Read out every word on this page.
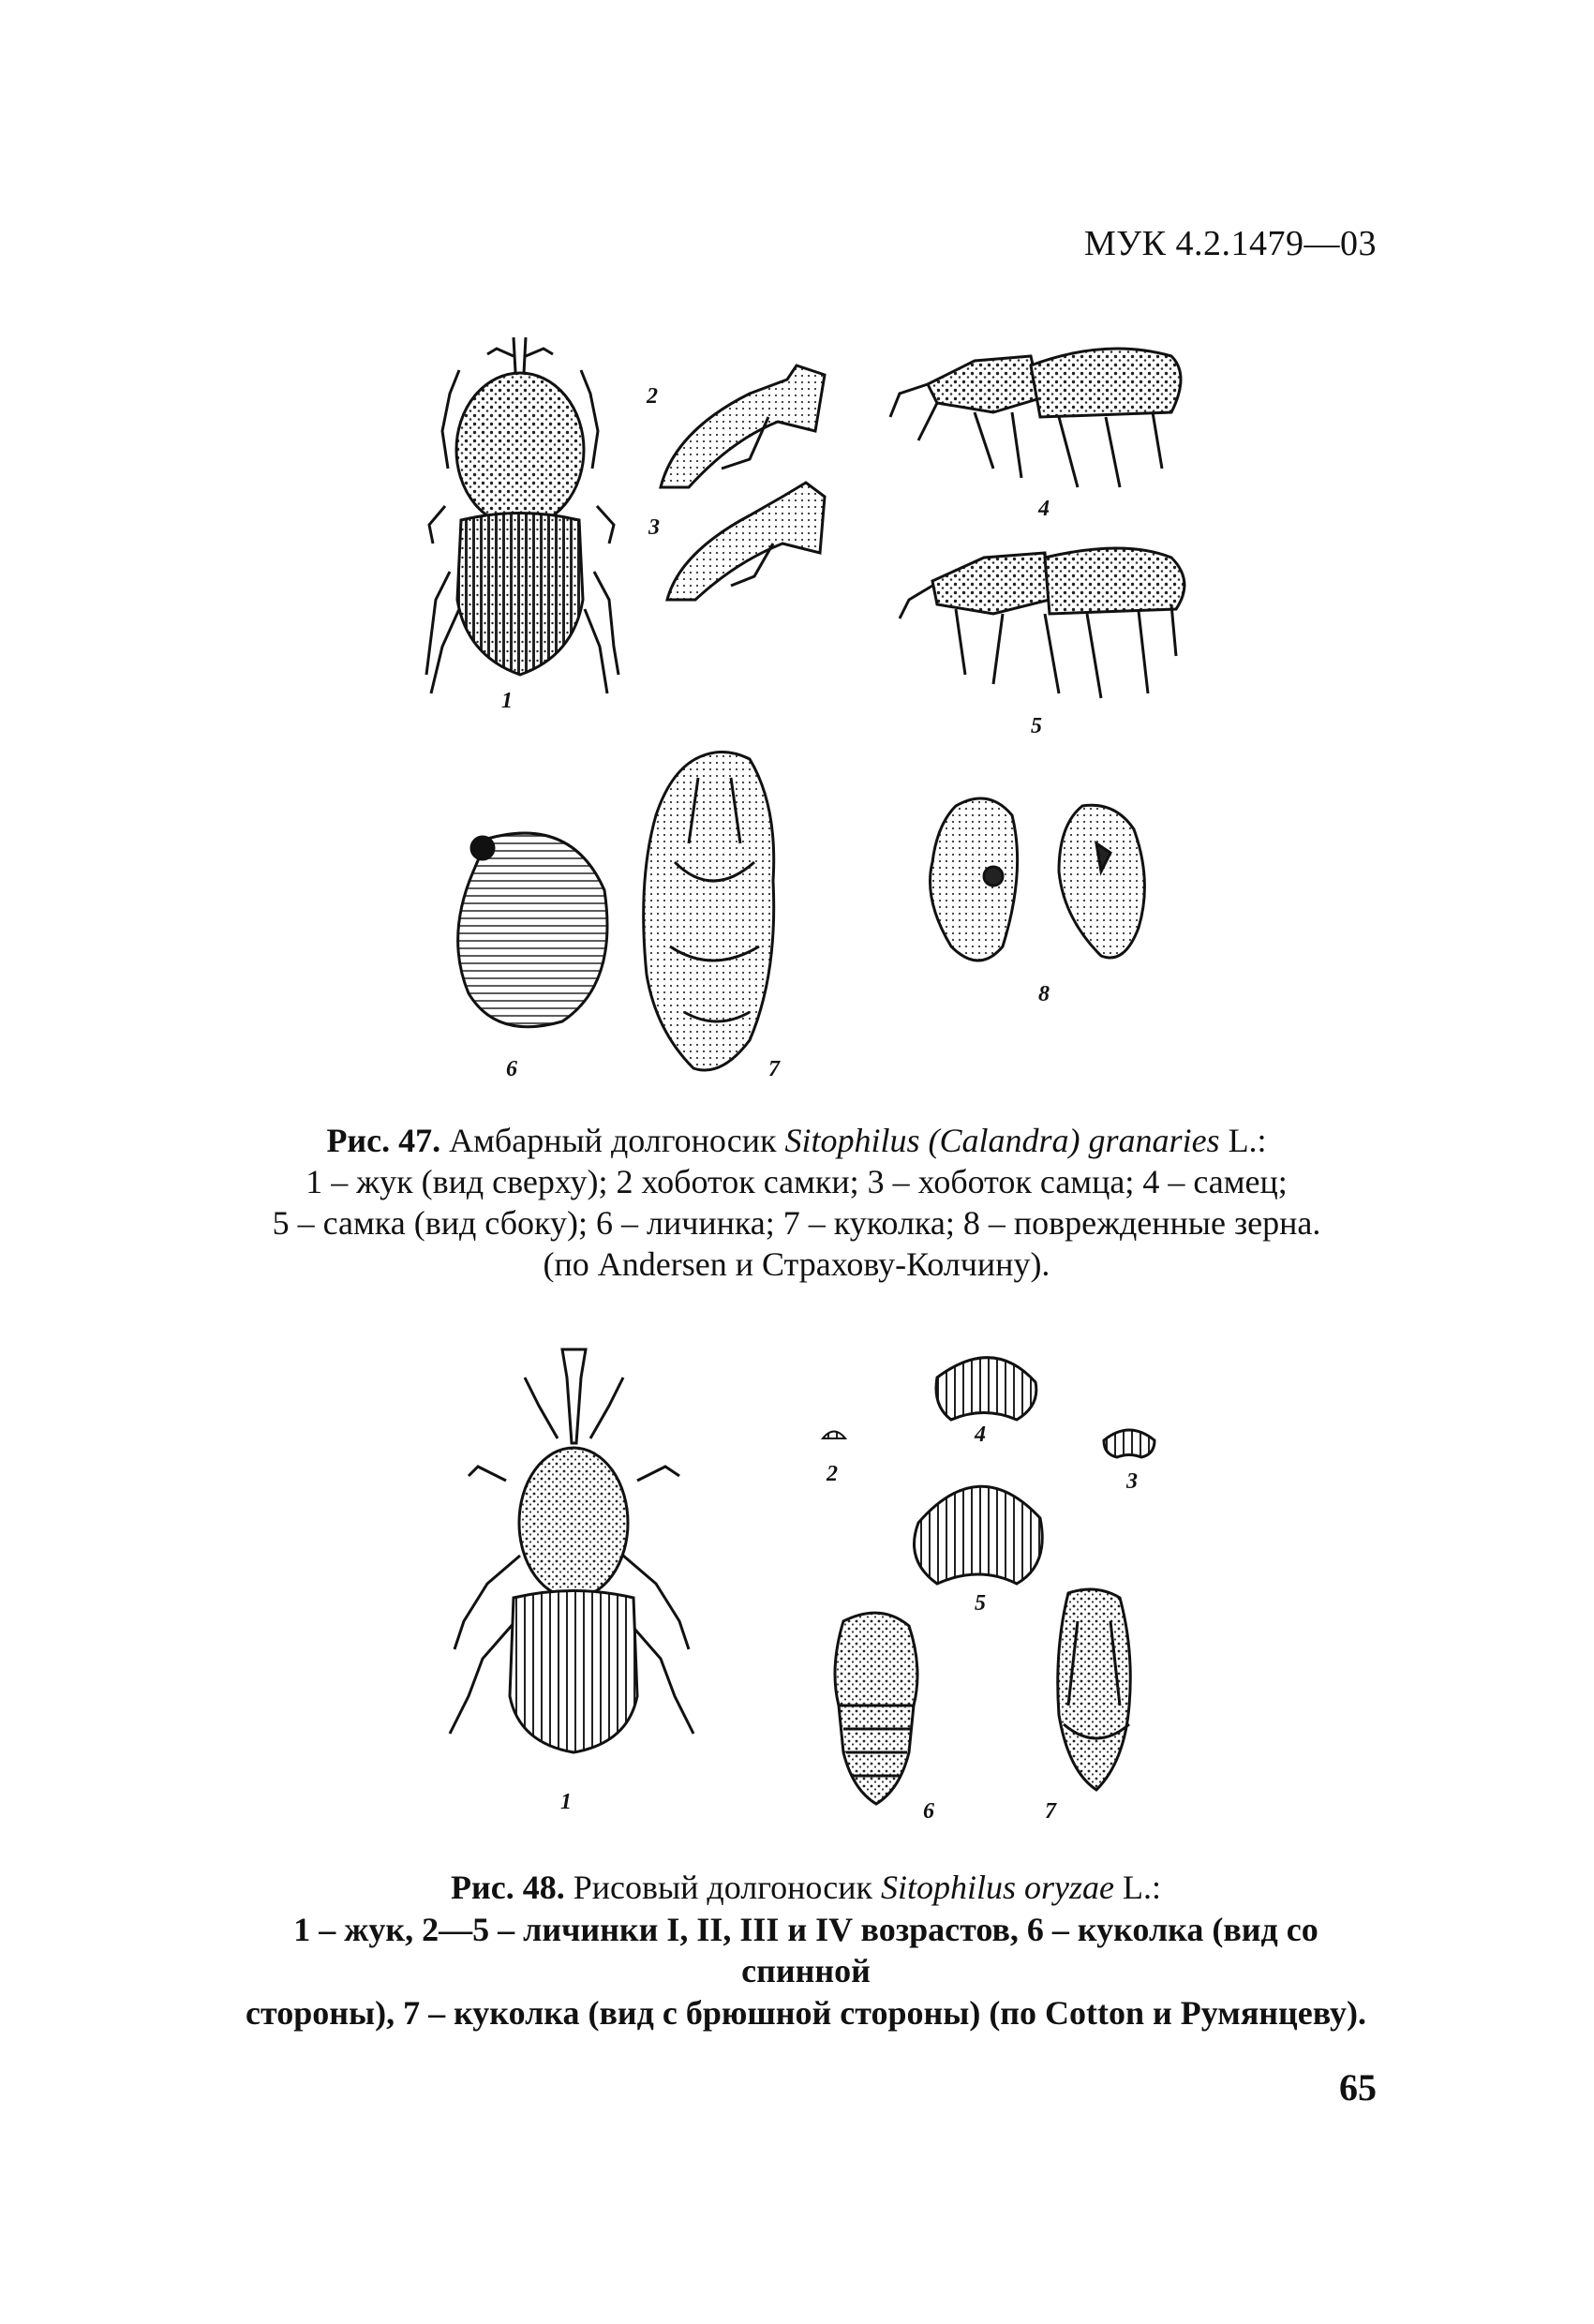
МУК 4.2.1479—03
1
2
3
4
5
6	7
8
Рис. 47. Амбарный долгоносик Sitophilus (Calandra) granaries L.:
1 – жук (вид сверху); 2 хоботок самки; 3 – хоботок самца; 4 – самец;
5 – самка (вид сбоку); 6 – личинка; 7 – куколка; 8 – поврежденные зерна.
(по Andersen и Страхову-Колчину).
1
2	3
4
5
6	7
Рис. 48. Рисовый долгоносик Sitophilus oryzae L.:
1 – жук, 2—5 – личинки I, II, III и IV возрастов, 6 – куколка (вид со спинной
стороны), 7 – куколка (вид с брюшной стороны) (по Cotton и Румянцеву).
65
